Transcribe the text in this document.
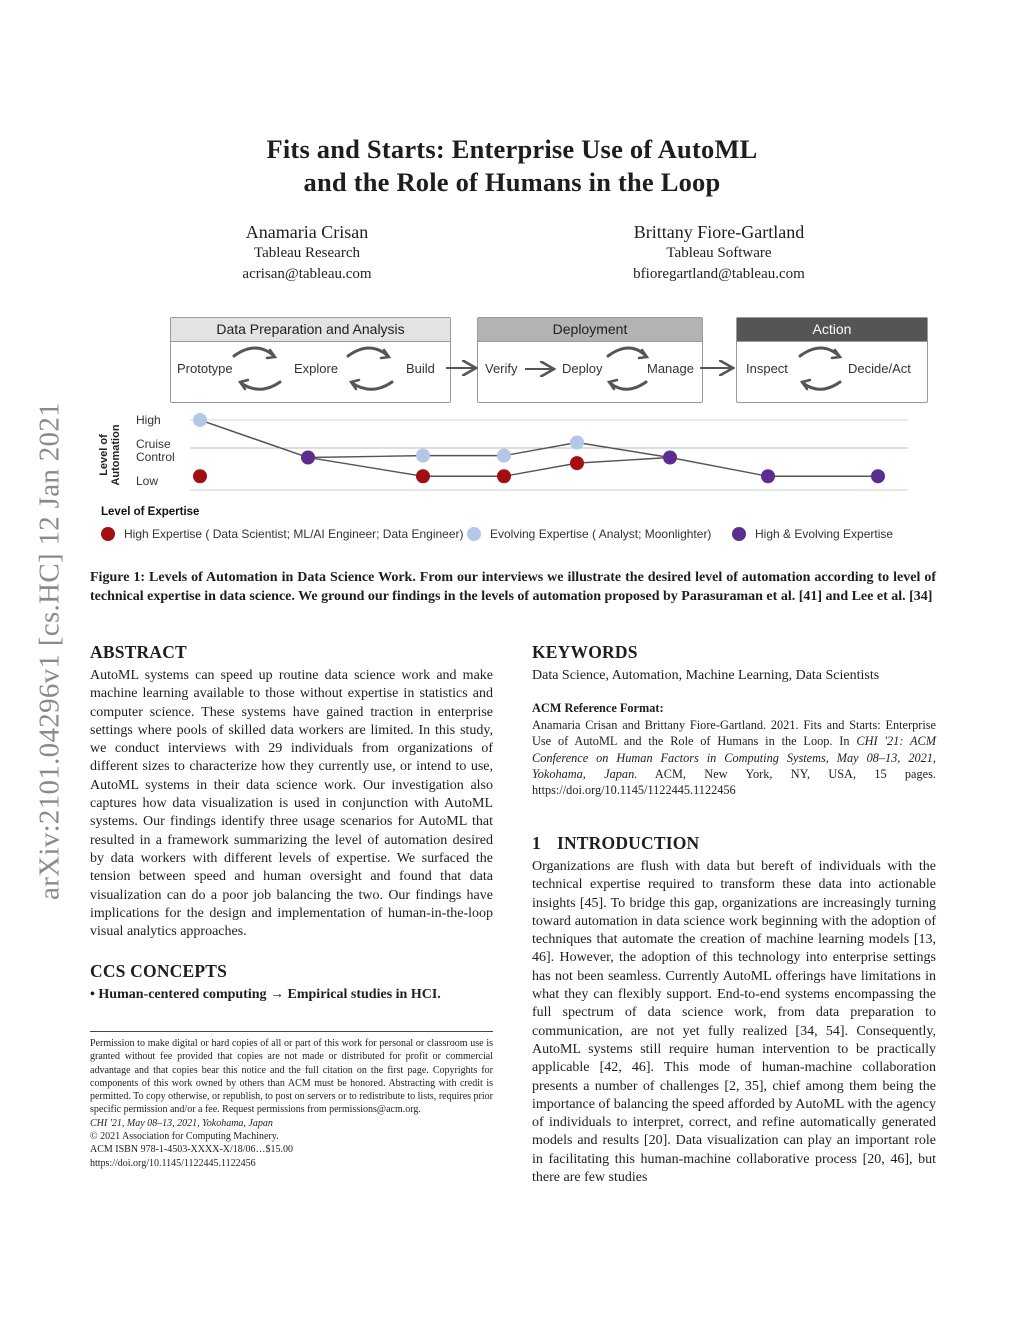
arXiv:2101.04296v1 [cs.HC] 12 Jan 2021
Fits and Starts: Enterprise Use of AutoML
and the Role of Humans in the Loop
Anamaria Crisan
Tableau Research
acrisan@tableau.com
Brittany Fiore-Gartland
Tableau Software
bfioregartland@tableau.com
Data Preparation and Analysis
Prototype	Explore	Build
Deployment
Verify	Deploy	Manage
Action
Inspect	Decide/Act
Level of Automation
High
Cruise
Control
Low
Level of Expertise
High Expertise ( Data Scientist; ML/AI Engineer; Data Engineer) Evolving Expertise ( Analyst; Moonlighter)	High & Evolving Expertise
Figure 1: Levels of Automation in Data Science Work. From our interviews we illustrate the desired level of automation according to level of technical expertise in data science. We ground our findings in the levels of automation proposed by Parasuraman et al. [41] and Lee et al. [34]
ABSTRACT
AutoML systems can speed up routine data science work and make machine learning available to those without expertise in statistics and computer science. These systems have gained traction in enterprise settings where pools of skilled data workers are limited. In this study, we conduct interviews with 29 individuals from organizations of different sizes to characterize how they currently use, or intend to use, AutoML systems in their data science work. Our investigation also captures how data visualization is used in conjunction with AutoML systems. Our findings identify three usage scenarios for AutoML that resulted in a framework summarizing the level of automation desired by data workers with different levels of expertise. We surfaced the tension between speed and human oversight and found that data visualization can do a poor job balancing the two. Our findings have implications for the design and implementation of human-in-the-loop visual analytics approaches.
CCS CONCEPTS
• Human-centered computing → Empirical studies in HCI.
Permission to make digital or hard copies of all or part of this work for personal or classroom use is granted without fee provided that copies are not made or distributed for profit or commercial advantage and that copies bear this notice and the full citation on the first page. Copyrights for components of this work owned by others than ACM must be honored. Abstracting with credit is permitted. To copy otherwise, or republish, to post on servers or to redistribute to lists, requires prior specific permission and/or a fee. Request permissions from permissions@acm.org.
CHI '21, May 08–13, 2021, Yokohama, Japan
© 2021 Association for Computing Machinery.
ACM ISBN 978-1-4503-XXXX-X/18/06…$15.00
https://doi.org/10.1145/1122445.1122456
KEYWORDS
Data Science, Automation, Machine Learning, Data Scientists
ACM Reference Format:
Anamaria Crisan and Brittany Fiore-Gartland. 2021. Fits and Starts: Enterprise Use of AutoML and the Role of Humans in the Loop. In CHI '21: ACM Conference on Human Factors in Computing Systems, May 08–13, 2021, Yokohama, Japan. ACM, New York, NY, USA, 15 pages. https://doi.org/10.1145/1122445.1122456
1 INTRODUCTION
Organizations are flush with data but bereft of individuals with the technical expertise required to transform these data into actionable insights [45]. To bridge this gap, organizations are increasingly turning toward automation in data science work beginning with the adoption of techniques that automate the creation of machine learning models [13, 46]. However, the adoption of this technology into enterprise settings has not been seamless. Currently AutoML offerings have limitations in what they can flexibly support. End-to-end systems encompassing the full spectrum of data science work, from data preparation to communication, are not yet fully realized [34, 54]. Consequently, AutoML systems still require human intervention to be practically applicable [42, 46]. This mode of human-machine collaboration presents a number of challenges [2, 35], chief among them being the importance of balancing the speed afforded by AutoML with the agency of individuals to interpret, correct, and refine automatically generated models and results [20]. Data visualization can play an important role in facilitating this human-machine collaborative process [20, 46], but there are few studies
